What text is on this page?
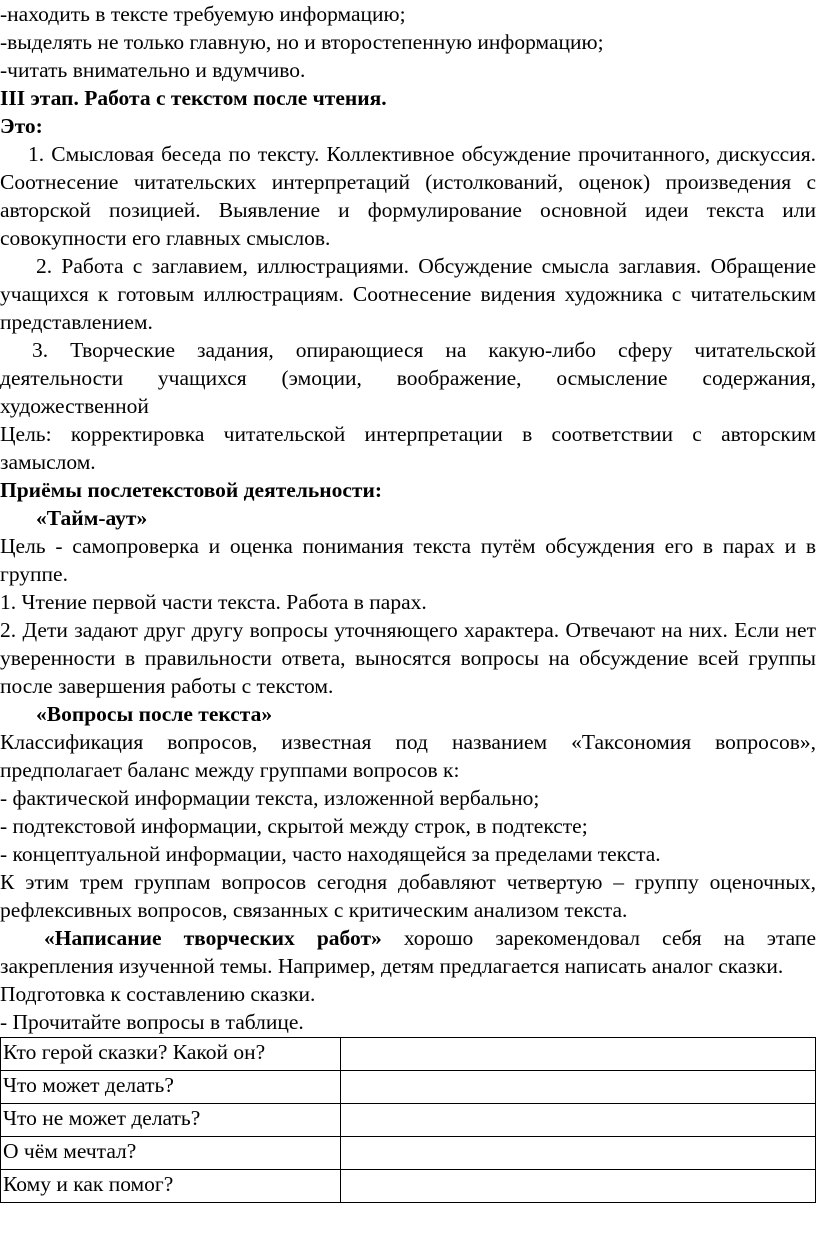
-находить в тексте требуемую информацию;

-выделять не только главную, но и второстепенную информацию;

-читать внимательно и вдумчиво.

III этап. Работа с текстом после чтения.

Это:

1. Смысловая беседа по тексту. Коллективное обсуждение прочитанного, дискуссия. Соотнесение читательских интерпретаций (истолкований, оценок) произведения с авторской позицией. Выявление и формулирование основной идеи текста или совокупности его главных смыслов.

2. Работа с заглавием, иллюстрациями. Обсуждение смысла заглавия. Обращение учащихся к готовым иллюстрациям. Соотнесение видения художника с читательским представлением.

3. Творческие задания, опирающиеся на какую-либо сферу читательской деятельности учащихся (эмоции, воображение, осмысление содержания, художественной

Цель: корректировка читательской интерпретации в соответствии с авторским замыслом.

Приёмы послетекстовой деятельности:

«Тайм-аут»

Цель - самопроверка и оценка понимания текста путём обсуждения его в парах и в группе.

1. Чтение первой части текста. Работа в парах.

2. Дети задают друг другу вопросы уточняющего характера. Отвечают на них. Если нет уверенности в правильности ответа, выносятся вопросы на обсуждение всей группы после завершения работы с текстом.

«Вопросы после текста»

Классификация вопросов, известная под названием «Таксономия вопросов», предполагает баланс между группами вопросов к:

- фактической информации текста, изложенной вербально;

- подтекстовой информации, скрытой между строк, в подтексте;

- концептуальной информации, часто находящейся за пределами текста.

К этим трем группам вопросов сегодня добавляют четвертую – группу оценочных, рефлексивных вопросов, связанных с критическим анализом текста.

«Написание творческих работ» хорошо зарекомендовал себя на этапе закрепления изученной темы. Например, детям предлагается написать аналог сказки.

Подготовка к составлению сказки.

- Прочитайте вопросы в таблице.

Кто герой сказки? Какой он?	
Что может делать?	
Что не может делать?	
О чём мечтал?	
Кому и как помог?	
